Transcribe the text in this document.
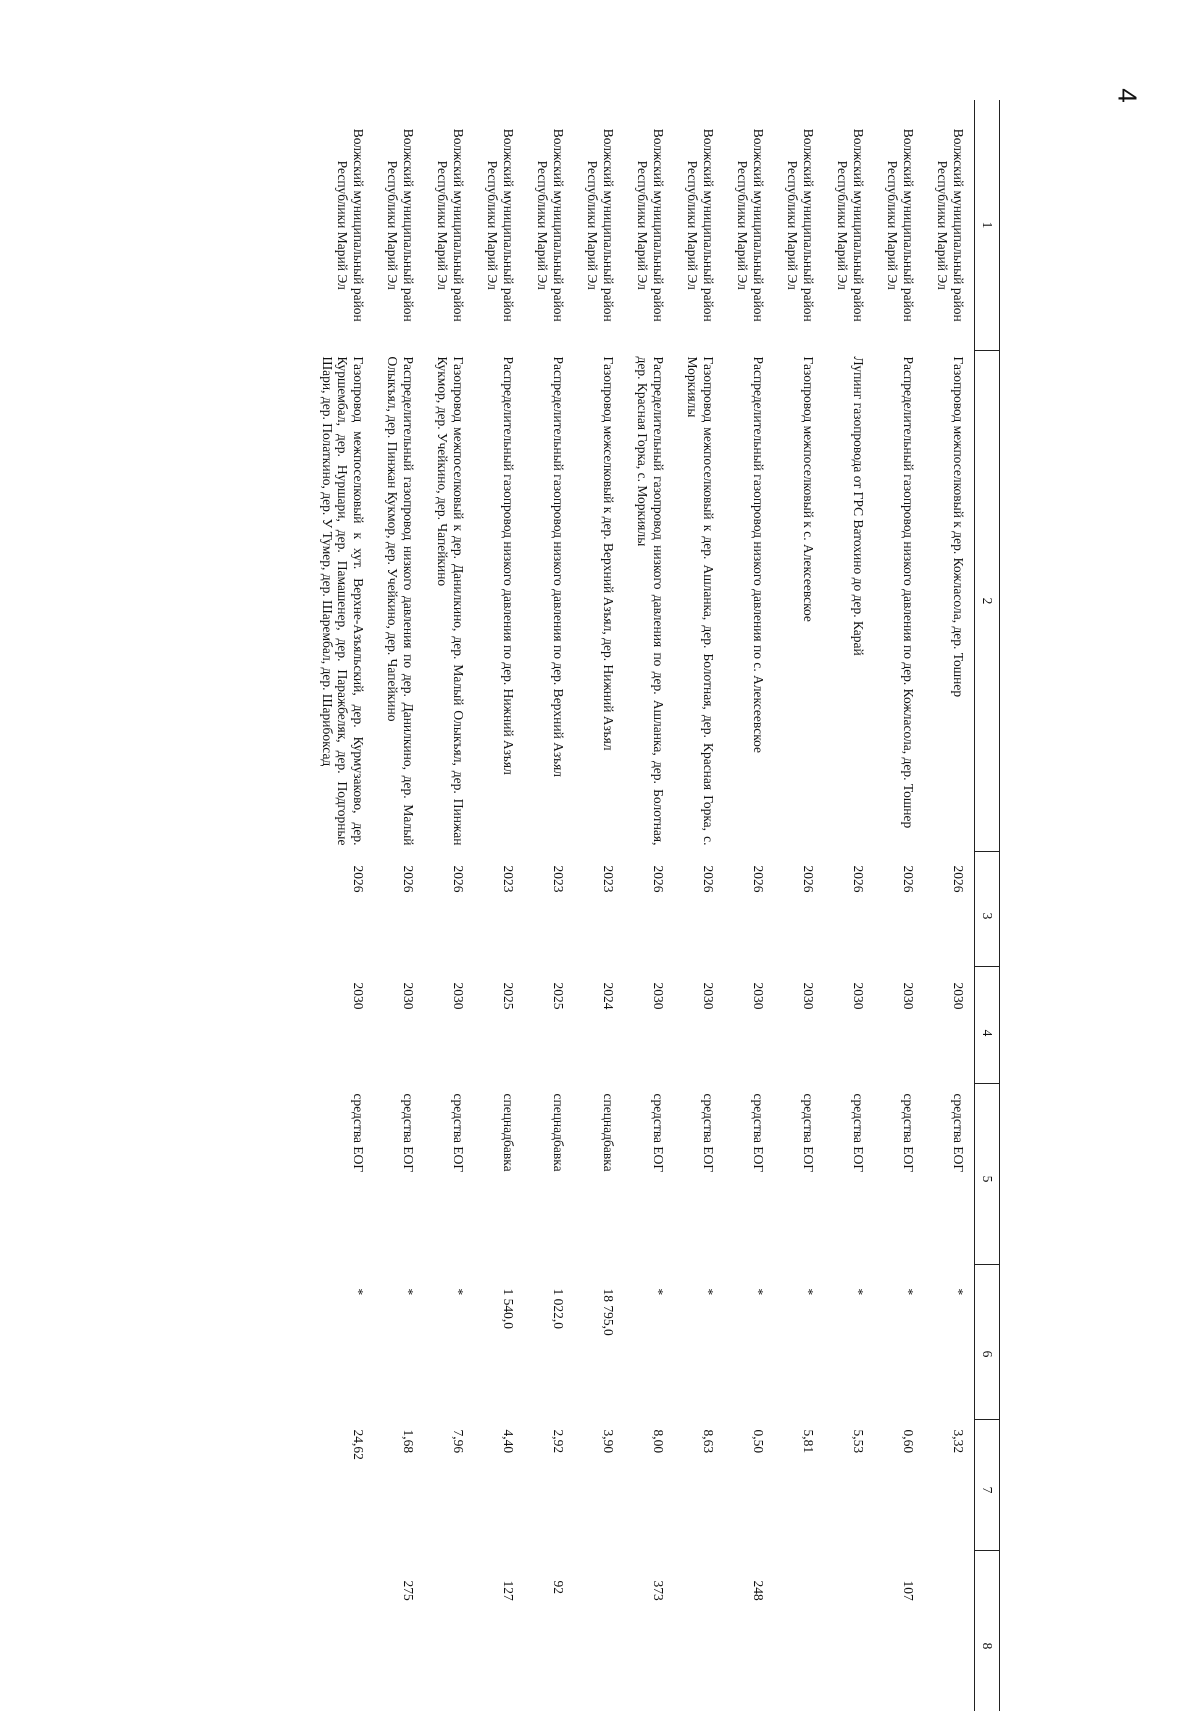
4
1	2	3	4	5	6	7	8
Волжский муниципальный район Республики Марий Эл	Газопровод межпоселковый к дер. Кожласола, дер. Тошнер	2026	2030	средства ЕОГ	*	3,32	
Волжский муниципальный район Республики Марий Эл	Распределительный газопровод низкого давления по дер. Кожласола, дер. Тошнер	2026	2030	средства ЕОГ	*	0,60	107
Волжский муниципальный район Республики Марий Эл	Лупинг газопровода от ГРС Ватохино до дер. Карай	2026	2030	средства ЕОГ	*	5,53	
Волжский муниципальный район Республики Марий Эл	Газопровод межпоселковый к с. Алексеевское	2026	2030	средства ЕОГ	*	5,81	
Волжский муниципальный район Республики Марий Эл	Распределительный газопровод низкого давления по с. Алексеевское	2026	2030	средства ЕОГ	*	0,50	248
Волжский муниципальный район Республики Марий Эл	Газопровод межпоселковый к дер. Ашланка, дер. Болотная, дер. Красная Горка, с. Моркиялы	2026	2030	средства ЕОГ	*	8,63	
Волжский муниципальный район Республики Марий Эл	Распределительный газопровод низкого давления по дер. Ашланка, дер. Болотная, дер. Красная Горка, с. Моркиялы	2026	2030	средства ЕОГ	*	8,00	373
Волжский муниципальный район Республики Марий Эл	Газопровод межселковый к дер. Верхний Азъял, дер. Нижний Азъял	2023	2024	спецнадбавка	18 795,0	3,90	
Волжский муниципальный район Республики Марий Эл	Распределительный газопровод низкого давления по дер. Верхний Азъял	2023	2025	спецнадбавка	1 022,0	2,92	92
Волжский муниципальный район Республики Марий Эл	Распределительный газопровод низкого давления по дер. Нижний Азъял	2023	2025	спецнадбавка	1 540,0	4,40	127
Волжский муниципальный район Республики Марий Эл	Газопровод межпоселковый к дер. Данилкино, дер. Малый Олыкъял, дер. Пинжан Кукмор, дер. Учейкино, дер. Чапейкино	2026	2030	средства ЕОГ	*	7,96	
Волжский муниципальный район Республики Марий Эл	Распределительный газопровод низкого давления по дер. Данилкино, дер. Малый Олыкъял, дер. Пинжан Кукмор, дер. Учейкино, дер. Чапейкино	2026	2030	средства ЕОГ	*	1,68	275
Волжский муниципальный район Республики Марий Эл	Газопровод межпоселковый к хут. Верхне-Азъяльский, дер. Курмузаково, дер. Куршембал, дер. Нуршари, дер. Памашенер, дер. Паражбеляк, дер. Подгорные Шари, дер. Полаткино, дер. У Тумер, дер. Шарембал, дер. Шарибоксад	2026	2030	средства ЕОГ	*	24,62	
